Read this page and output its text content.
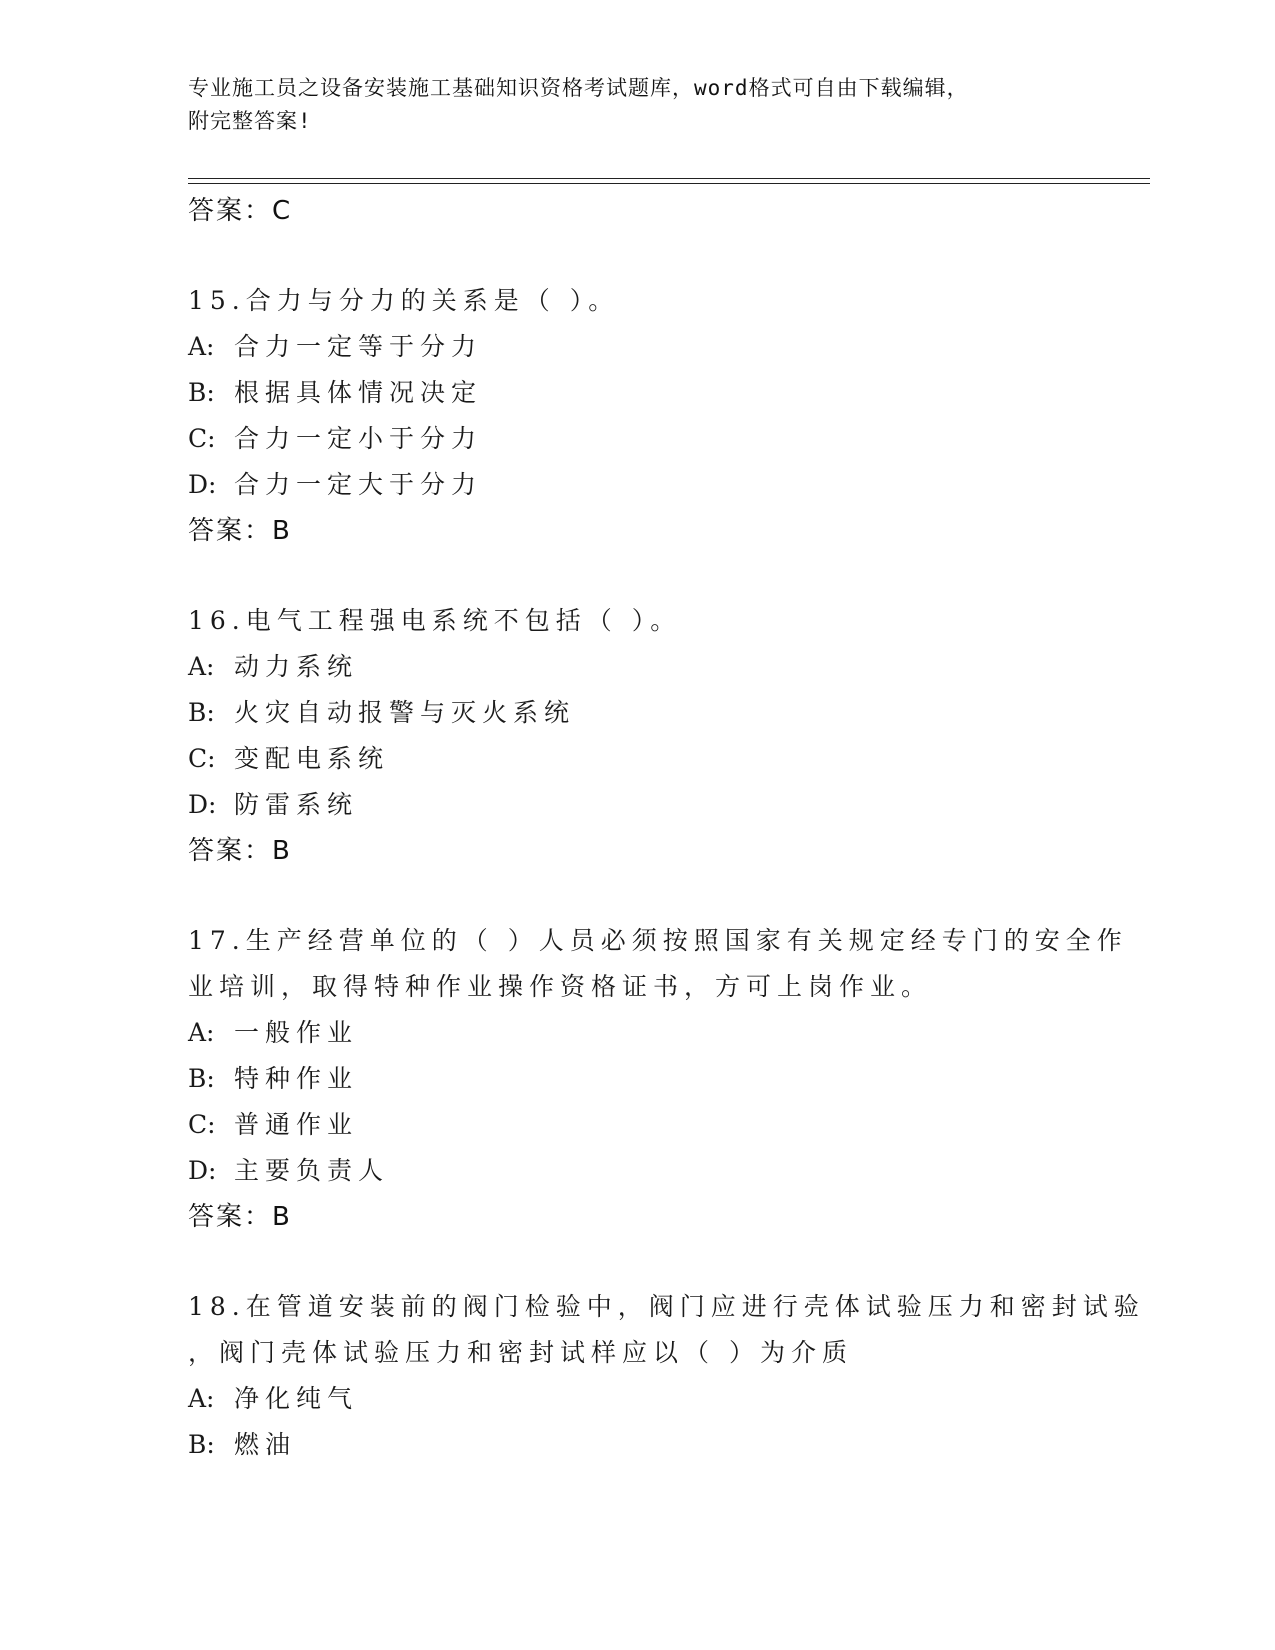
专业施工员之设备安装施工基础知识资格考试题库，word格式可自由下载编辑，
附完整答案!
答案：C
15.合力与分力的关系是（ ）。
A: 合力一定等于分力
B: 根据具体情况决定
C: 合力一定小于分力
D: 合力一定大于分力
答案：B
16.电气工程强电系统不包括（ ）。
A: 动力系统
B: 火灾自动报警与灭火系统
C: 变配电系统
D: 防雷系统
答案：B
17.生产经营单位的（ ）人员必须按照国家有关规定经专门的安全作
业培训，取得特种作业操作资格证书，方可上岗作业。
A: 一般作业
B: 特种作业
C: 普通作业
D: 主要负责人
答案：B
18.在管道安装前的阀门检验中，阀门应进行壳体试验压力和密封试验
，阀门壳体试验压力和密封试样应以（ ）为介质
A: 净化纯气
B: 燃油
